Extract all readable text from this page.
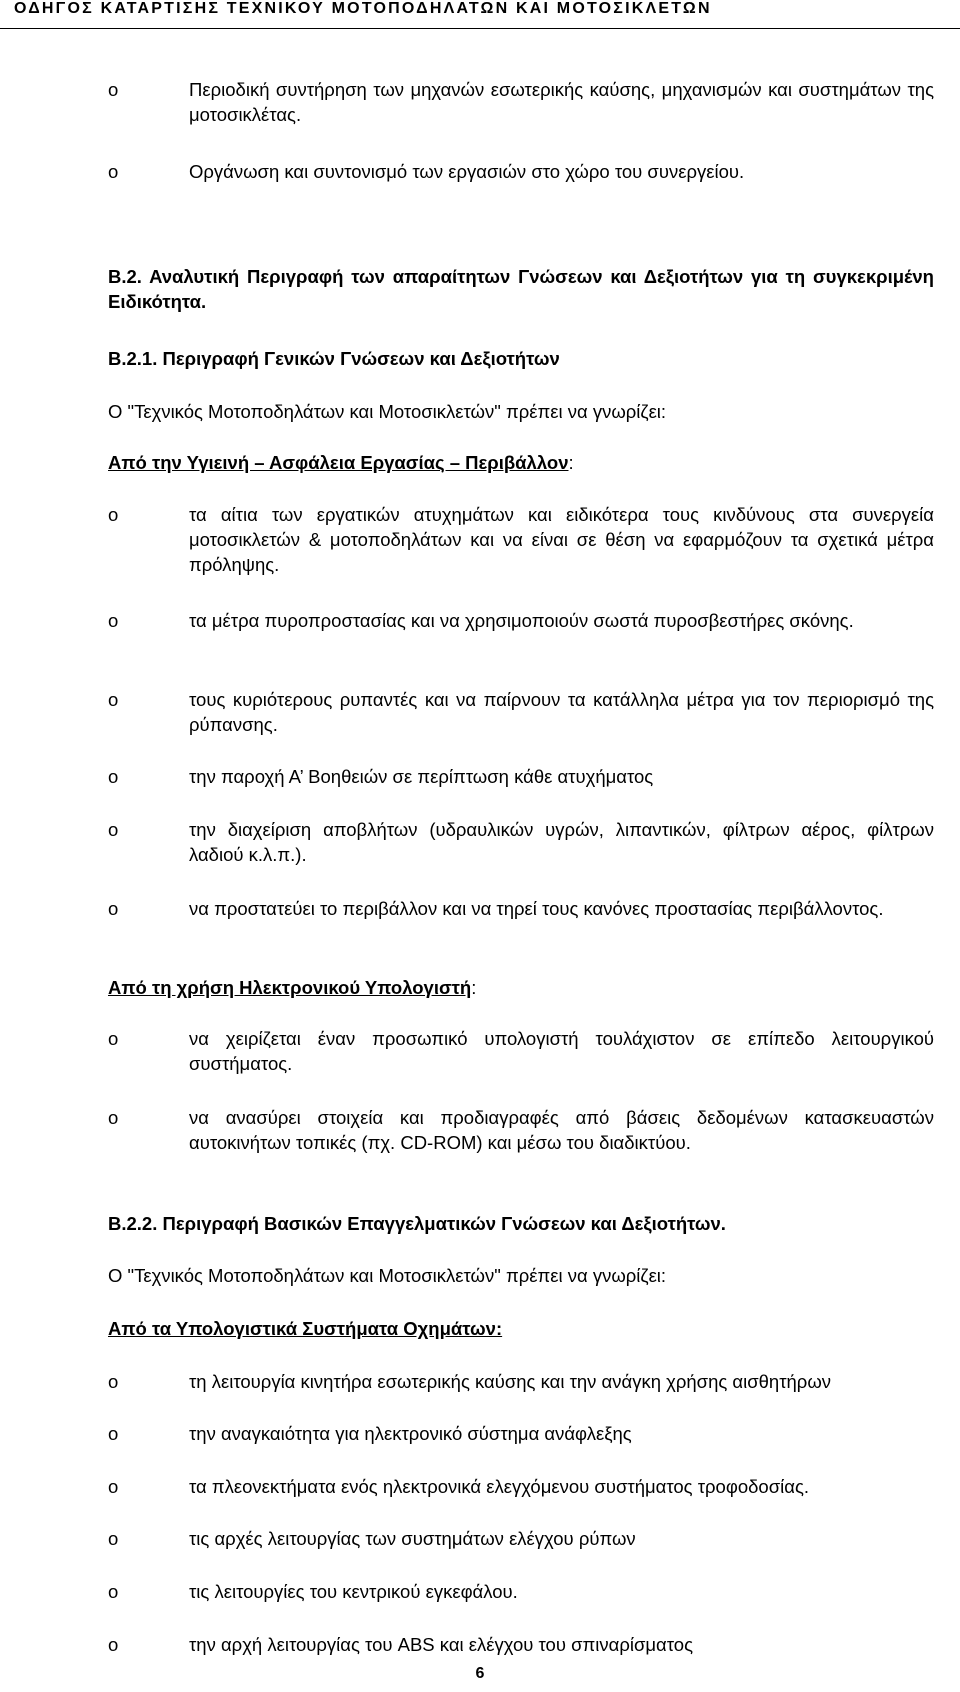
ΟΔΗΓΟΣ ΚΑΤΑΡΤΙΣΗΣ ΤΕΧΝΙΚΟΥ ΜΟΤΟΠΟΔΗΛΑΤΩΝ ΚΑΙ ΜΟΤΟΣΙΚΛΕΤΩΝ
o	Περιοδική συντήρηση των μηχανών εσωτερικής καύσης, μηχανισμών και συστημάτων της μοτοσικλέτας.

o	Οργάνωση και συντονισμό των εργασιών στο χώρο του συνεργείου.

Β.2. Αναλυτική Περιγραφή των απαραίτητων Γνώσεων και Δεξιοτήτων για τη συγκεκριμένη Ειδικότητα.

Β.2.1. Περιγραφή Γενικών Γνώσεων και Δεξιοτήτων

Ο "Τεχνικός Μοτοποδηλάτων και Μοτοσικλετών" πρέπει να γνωρίζει:

Από την Υγιεινή – Ασφάλεια Εργασίας – Περιβάλλον:

o	τα αίτια των εργατικών ατυχημάτων και ειδικότερα τους κινδύνους στα συνεργεία μοτοσικλετών & μοτοποδηλάτων και να είναι σε θέση να εφαρμόζουν τα σχετικά μέτρα πρόληψης.

o	τα μέτρα πυροπροστασίας και να χρησιμοποιούν σωστά πυροσβεστήρες σκόνης.

o	τους κυριότερους ρυπαντές και να παίρνουν τα κατάλληλα μέτρα για τον περιορισμό της ρύπανσης.

o	την παροχή Α’ Βοηθειών σε περίπτωση κάθε ατυχήματος

o	την διαχείριση αποβλήτων (υδραυλικών υγρών, λιπαντικών, φίλτρων αέρος, φίλτρων λαδιού κ.λ.π.).

o	να προστατεύει το περιβάλλον και να τηρεί τους κανόνες προστασίας περιβάλλοντος.

Από τη χρήση Ηλεκτρονικού Υπολογιστή:

o	να χειρίζεται έναν προσωπικό υπολογιστή τουλάχιστον σε επίπεδο λειτουργικού συστήματος.

o	να ανασύρει στοιχεία και προδιαγραφές από βάσεις δεδομένων κατασκευαστών αυτοκινήτων τοπικές (πχ. CD-ROM) και μέσω του διαδικτύου.

Β.2.2. Περιγραφή Βασικών Επαγγελματικών Γνώσεων και Δεξιοτήτων.

Ο "Τεχνικός Μοτοποδηλάτων και Μοτοσικλετών" πρέπει να γνωρίζει:

Από τα Υπολογιστικά Συστήματα Οχημάτων:

o	τη λειτουργία κινητήρα εσωτερικής καύσης και την ανάγκη χρήσης αισθητήρων

o	την αναγκαιότητα για ηλεκτρονικό σύστημα ανάφλεξης

o	τα πλεονεκτήματα ενός ηλεκτρονικά ελεγχόμενου συστήματος τροφοδοσίας.

o	τις αρχές λειτουργίας των συστημάτων ελέγχου ρύπων

o	τις λειτουργίες του κεντρικού εγκεφάλου.

o	την αρχή λειτουργίας του ABS και ελέγχου του σπιναρίσματος

6
